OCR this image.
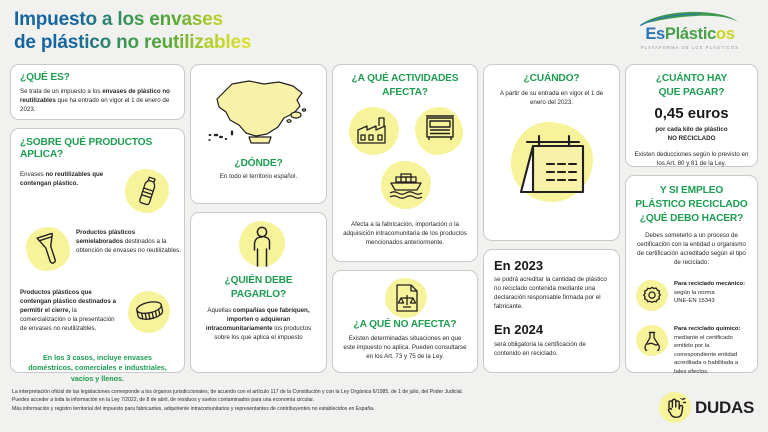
Impuesto a los envases
de plástico no reutilizables	EsPlásticos
PLATAFORMA DE LOS PLÁSTICOS
¿QUÉ ES?
Se trata de un impuesto a los envases de plástico no reutilizables que ha entrado en vigor el 1 de enero de 2023.
¿SOBRE QUÉ PRODUCTOS APLICA?
Envases no reutilizables que contengan plástico.
Productos plásticos semielaborados destinados a la obtención de envases no reutilizables.
Productos plásticos que contengan plástico destinados a permitir el cierre, la comercialización o la presentación de envases no reutilizables.
En los 3 casos, incluye envases doméstricos, comerciales e industriales, vacíos y llenos.
¿DÓNDE?
En todo el territorio español.
¿QUIÉN DEBE
PAGARLO?
Aquellas compañías que fabriquen, importen o adquieran intracomunitariamente los productos sobre los que aplica el impuesto
¿A QUÉ ACTIVIDADES
AFECTA?
Afecta a la fabricación, importación o la adquisición intracomunitaria de los productos mencionados anteriormente.
¿A QUÉ NO AFECTA?
Existen determinadas situaciones en que este impuesto no aplica. Pueden consultarse en los Art. 73 y 75 de la Ley.
¿CUÁNDO?
A partir de su entrada en vigor el 1 de enero del 2023.
En 2023
se podrá acreditar la cantidad de plástico no reciclado contenida mediante una declaración responsable firmada por el fabricante.
En 2024
será obligatoria la certificación de contenido en reciclado.
¿CUÁNTO HAY
QUE PAGAR?
0,45 euros
por cada kilo de plástico
NO RECICLADO
Existen deducciones según lo previsto en los Art. 80 y 81 de la Ley.
Y SI EMPLEO
PLÁSTICO RECICLADO
¿QUÉ DEBO HACER?
Debes someterlo a un proceso de certificación con la entidad u organismo de certificación acreditado según el tipo de reciclado:
Para reciclado mecánico:
según la norma
UNE-EN 15343
Para reciclado químico:
mediante el certificado emitido por la correspondiente entidad acreditada o habilitada a tales efectos.
La interpretación oficial de las legislaciones corresponde a los órganos jurisdiccionales, de acuerdo con el artículo 117 de la Constitución y con la Ley Orgánica 6/1985, de 1 de julio, del Poder Judicial.
Puedes acceder a toda la información en la Ley 7/2022, de 8 de abril, de residuos y suelos contaminados para una economía circular.
Más información y registro territorial del impuesto para fabricantes, adquiriente intracomunitarios y representantes de contribuyentes no establecidos en España.	DUDAS
